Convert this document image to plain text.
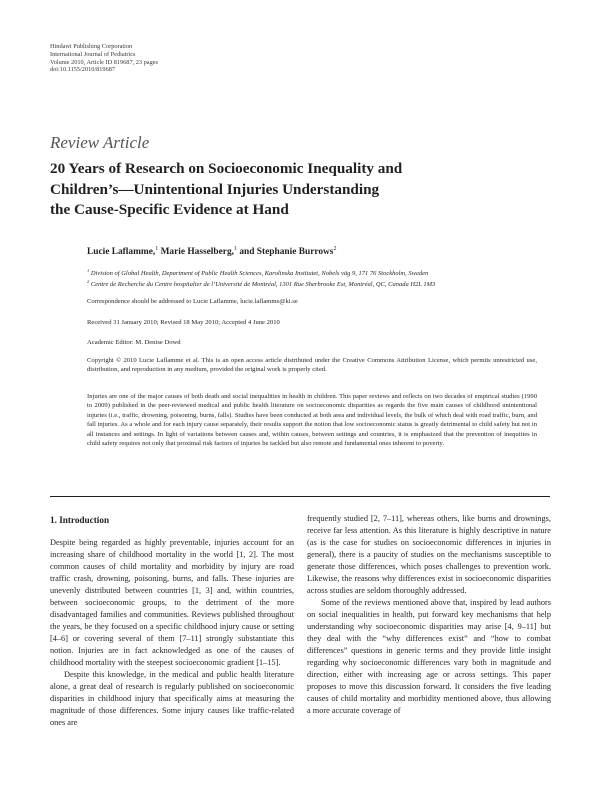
Hindawi Publishing Corporation
International Journal of Pediatrics
Volume 2010, Article ID 819687, 23 pages
doi:10.1155/2010/819687
Review Article
20 Years of Research on Socioeconomic Inequality and
Children’s—Unintentional Injuries Understanding
the Cause-Specific Evidence at Hand
Lucie Laflamme,$^1$ Marie Hasselberg,$^1$ and Stephanie Burrows$^2$
$^1$ Division of Global Health, Department of Public Health Sciences, Karolinska Institutet, Nobels väg 9, 171 76 Stockholm, Sweden
$^2$ Centre de Recherche du Centre hospitalier de l’Université de Montréal, 1301 Rue Sherbrooke Est, Montréal, QC, Canada H2L 1M3
Correspondence should be addressed to Lucie Laflamme, lucie.laflamme@ki.se
Received 31 January 2010; Revised 18 May 2010; Accepted 4 June 2010
Academic Editor: M. Denise Dowd
Copyright © 2010 Lucie Laflamme et al. This is an open access article distributed under the Creative Commons Attribution License, which permits unrestricted use, distribution, and reproduction in any medium, provided the original work is properly cited.
Injuries are one of the major causes of both death and social inequalities in health in children. This paper reviews and reflects on two decades of empirical studies (1990 to 2009) published in the peer-reviewed medical and public health literature on socioeconomic disparities as regards the five main causes of childhood unintentional injuries (i.e., traffic, drowning, poisoning, burns, falls). Studies have been conducted at both area and individual levels, the bulk of which deal with road traffic, burn, and fall injuries. As a whole and for each injury cause separately, their results support the notion that low socioeconomic status is greatly detrimental to child safety but not in all instances and settings. In light of variations between causes and, within causes, between settings and countries, it is emphasized that the prevention of inequities in child safety requires not only that proximal risk factors of injuries be tackled but also remote and fundamental ones inherent to poverty.
1. Introduction

Despite being regarded as highly preventable, injuries account for an increasing share of childhood mortality in the world [1, 2]. The most common causes of child mortality and morbidity by injury are road traffic crash, drowning, poisoning, burns, and falls. These injuries are unevenly distributed between countries [1, 3] and, within countries, between socioeconomic groups, to the detriment of the more disadvantaged families and communities. Reviews published throughout the years, be they focused on a specific childhood injury cause or setting [4–6] or covering several of them [7–11] strongly substantiate this notion. Injuries are in fact acknowledged as one of the causes of childhood mortality with the steepest socioeconomic gradient [1–15].

Despite this knowledge, in the medical and public health literature alone, a great deal of research is regularly published on socioeconomic disparities in childhood injury that specifically aims at measuring the magnitude of those differences. Some injury causes like traffic-related ones are

frequently studied [2, 7–11], whereas others, like burns and drownings, receive far less attention. As this literature is highly descriptive in nature (as is the case for studies on socioeconomic differences in injuries in general), there is a paucity of studies on the mechanisms susceptible to generate those differences, which poses challenges to prevention work. Likewise, the reasons why differences exist in socioeconomic disparities across studies are seldom thoroughly addressed.

Some of the reviews mentioned above that, inspired by lead authors on social inequalities in health, put forward key mechanisms that help understanding why socioeconomic disparities may arise [4, 9–11] but they deal with the “why differences exist” and “how to combat differences” questions in generic terms and they provide little insight regarding why socioeconomic differences vary both in magnitude and direction, either with increasing age or across settings. This paper proposes to move this discussion forward. It considers the five leading causes of child mortality and morbidity mentioned above, thus allowing a more accurate coverage of
